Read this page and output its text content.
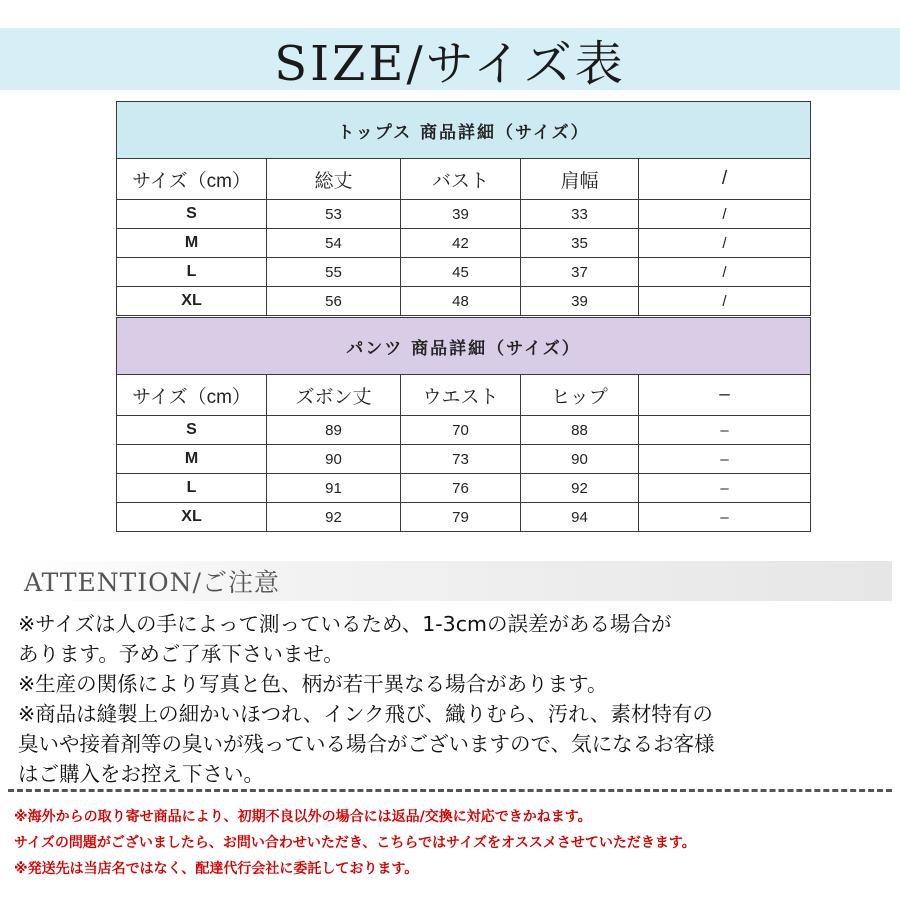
SIZE/サイズ表
トップス 商品詳細（サイズ）				
サイズ（cm）	総丈	バスト	肩幅	/
S	53	39	33	/
M	54	42	35	/
L	55	45	37	/
XL	56	48	39	/
パンツ 商品詳細（サイズ）				
サイズ（cm）	ズボン丈	ウエスト	ヒップ	–
S	89	70	88	–
M	90	73	90	–
L	91	76	92	–
XL	92	79	94	–
ATTENTION/ご注意
※サイズは人の手によって測っているため、1-3cmの誤差がある場合が
あります。予めご了承下さいませ。
※生産の関係により写真と色、柄が若干異なる場合があります。
※商品は縫製上の細かいほつれ、インク飛び、織りむら、汚れ、素材特有の
臭いや接着剤等の臭いが残っている場合がございますので、気になるお客様
はご購入をお控え下さい。
※海外からの取り寄せ商品により、初期不良以外の場合には返品/交換に対応できかねます。
サイズの問題がございましたら、お問い合わせいただき、こちらではサイズをオススメさせていただきます。
※発送先は当店名ではなく、配達代行会社に委託しております。
